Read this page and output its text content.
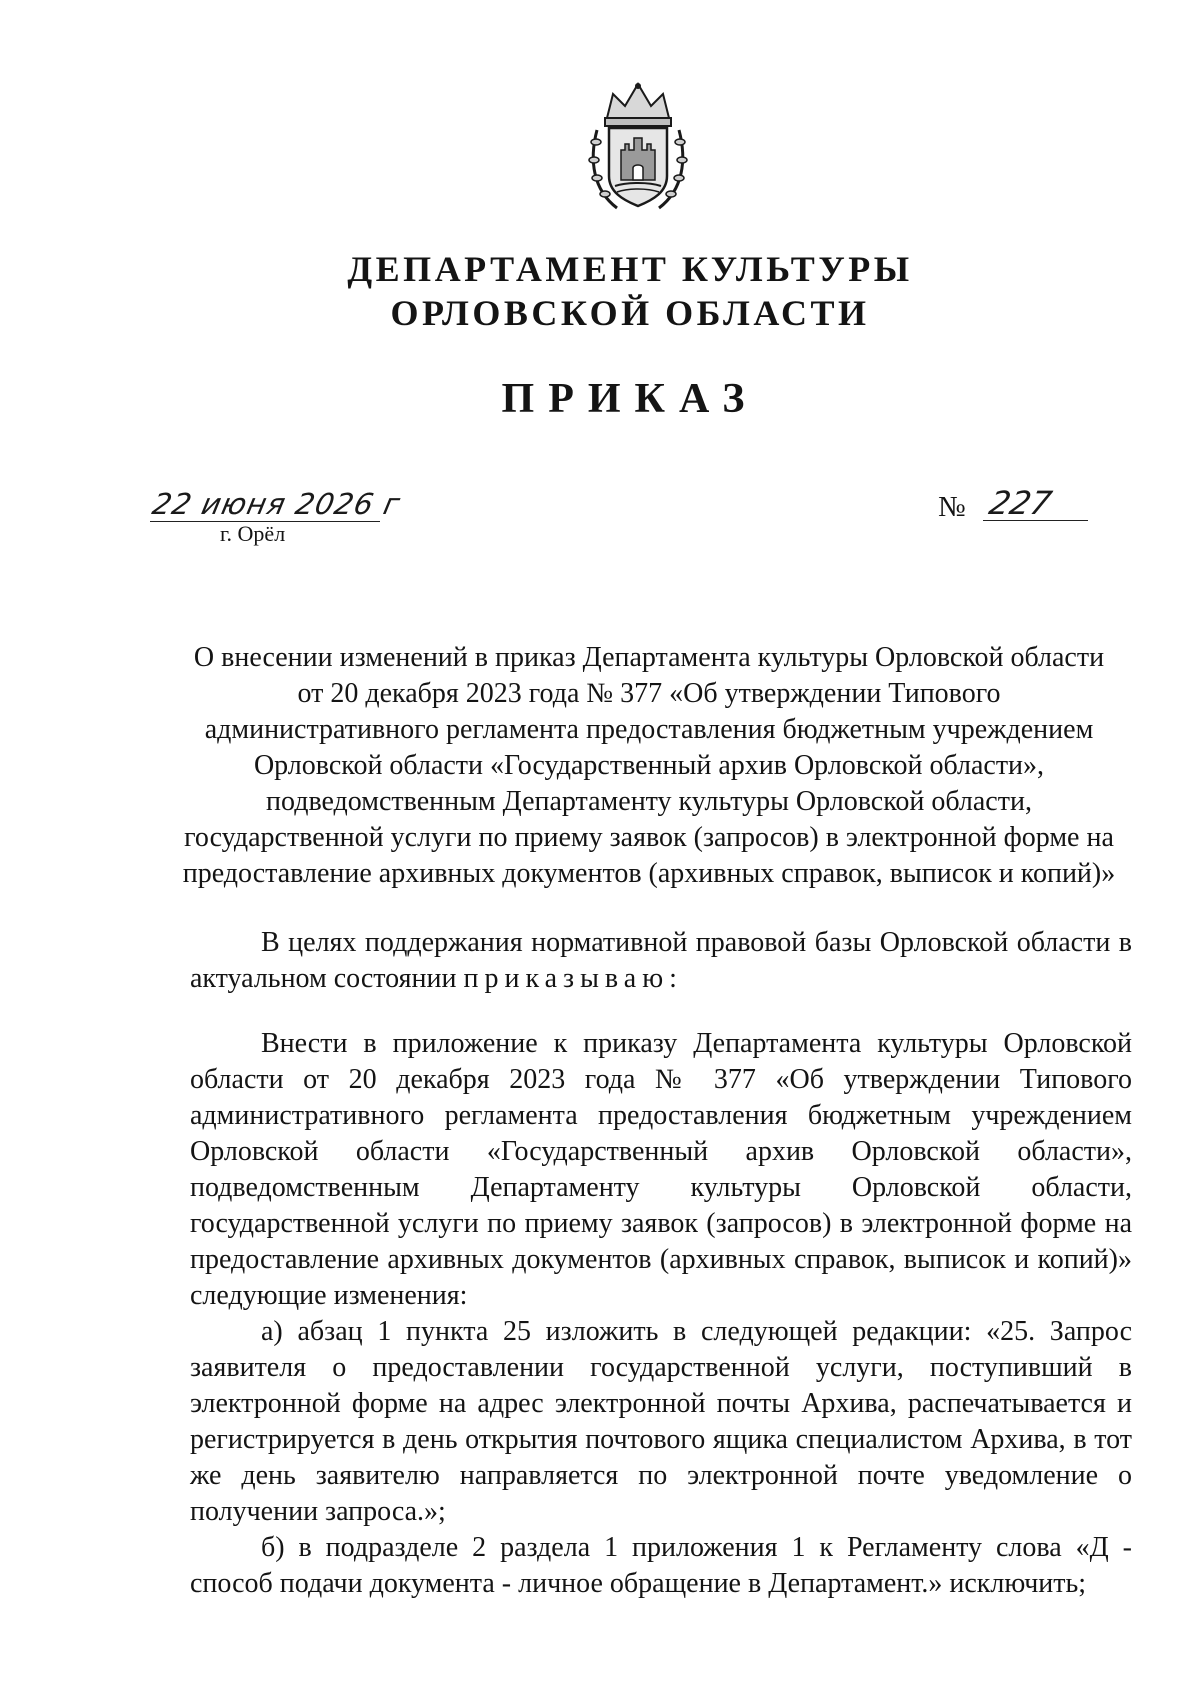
ДЕПАРТАМЕНТ КУЛЬТУРЫ
ОРЛОВСКОЙ ОБЛАСТИ
ПРИКАЗ
22 июня 2026 г
г. Орёл
№ 227
О внесении изменений в приказ Департамента культуры Орловской области от 20 декабря 2023 года № 377 «Об утверждении Типового административного регламента предоставления бюджетным учреждением Орловской области «Государственный архив Орловской области», подведомственным Департаменту культуры Орловской области, государственной услуги по приему заявок (запросов) в электронной форме на предоставление архивных документов (архивных справок, выписок и копий)»

В целях поддержания нормативной правовой базы Орловской области в актуальном состоянии приказываю:

Внести в приложение к приказу Департамента культуры Орловской области от 20 декабря 2023 года № 377 «Об утверждении Типового административного регламента предоставления бюджетным учреждением Орловской области «Государственный архив Орловской области», подведомственным Департаменту культуры Орловской области, государственной услуги по приему заявок (запросов) в электронной форме на предоставление архивных документов (архивных справок, выписок и копий)» следующие изменения:

а) абзац 1 пункта 25 изложить в следующей редакции: «25. Запрос заявителя о предоставлении государственной услуги, поступивший в электронной форме на адрес электронной почты Архива, распечатывается и регистрируется в день открытия почтового ящика специалистом Архива, в тот же день заявителю направляется по электронной почте уведомление о получении запроса.»;

б) в подразделе 2 раздела 1 приложения 1 к Регламенту слова «Д - способ подачи документа - личное обращение в Департамент.» исключить;
